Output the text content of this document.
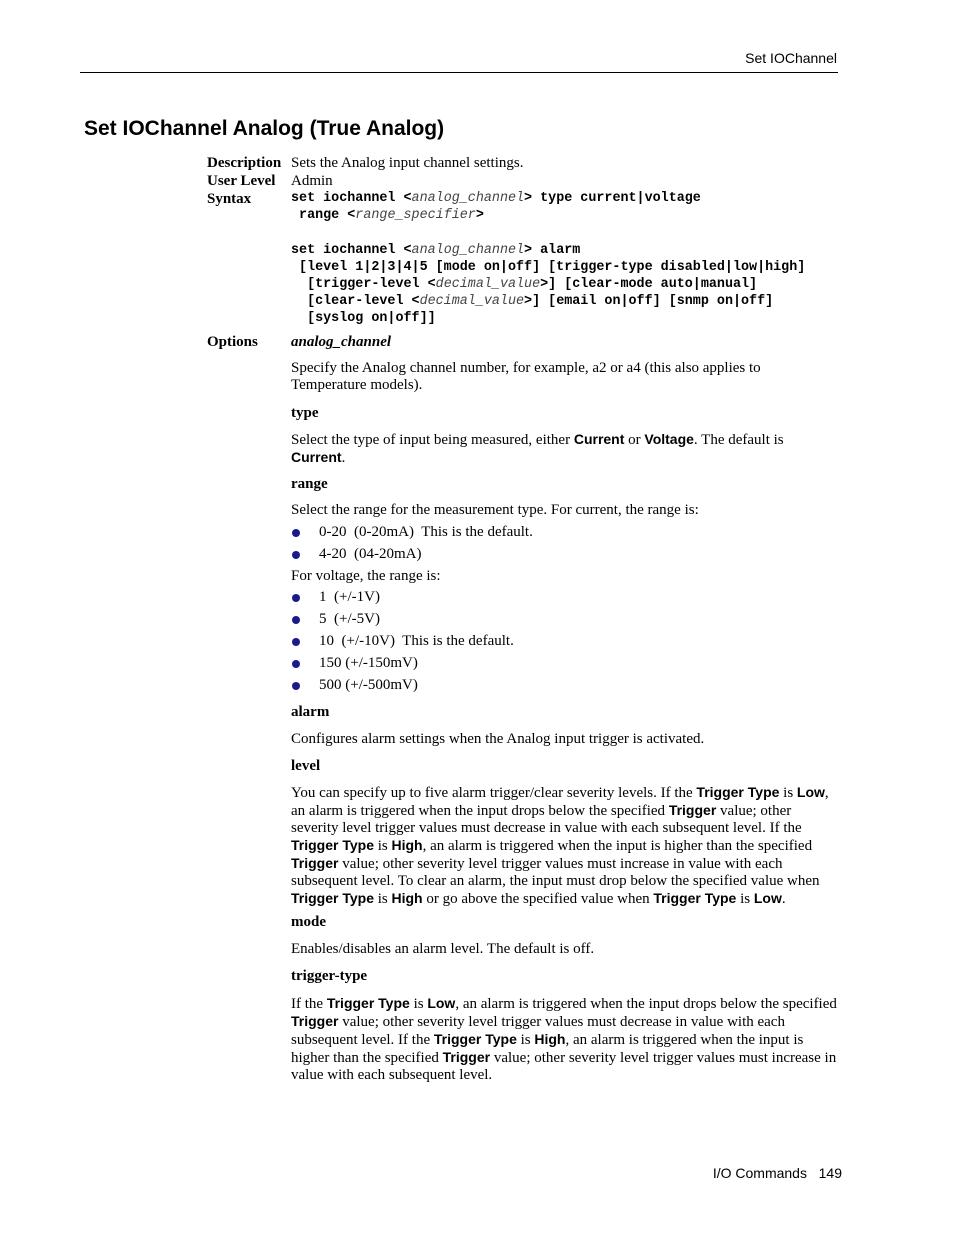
Set IOChannel
Set IOChannel Analog (True Analog)
Description Sets the Analog input channel settings.
User Level Admin
Syntax	set iochannel <analog_channel> type current|voltage
range <range_specifier>
set iochannel <analog_channel> alarm
[level 1|2|3|4|5 [mode on|off] [trigger-type disabled|low|high]
[trigger-level <decimal_value>] [clear-mode auto|manual]
[clear-level <decimal_value>] [email on|off] [snmp on|off]
[syslog on|off]]
Options analog_channel
Specify the Analog channel number, for example, a2 or a4 (this also applies to Temperature models).
type
Select the type of input being measured, either Current or Voltage. The default is Current.
range
Select the range for the measurement type. For current, the range is:
0-20  (0-20mA)  This is the default.
4-20  (04-20mA)
For voltage, the range is:
1  (+/-1V)
5  (+/-5V)
10  (+/-10V)  This is the default.
150 (+/-150mV)
500 (+/-500mV)
alarm
Configures alarm settings when the Analog input trigger is activated.
level
You can specify up to five alarm trigger/clear severity levels. If the Trigger Type is Low, an alarm is triggered when the input drops below the specified Trigger value; other severity level trigger values must decrease in value with each subsequent level. If the Trigger Type is High, an alarm is triggered when the input is higher than the specified Trigger value; other severity level trigger values must increase in value with each subsequent level. To clear an alarm, the input must drop below the specified value when Trigger Type is High or go above the specified value when Trigger Type is Low.
mode
Enables/disables an alarm level. The default is off.
trigger-type
If the Trigger Type is Low, an alarm is triggered when the input drops below the specified Trigger value; other severity level trigger values must decrease in value with each subsequent level. If the Trigger Type is High, an alarm is triggered when the input is higher than the specified Trigger value; other severity level trigger values must increase in value with each subsequent level.
I/O Commands 149
